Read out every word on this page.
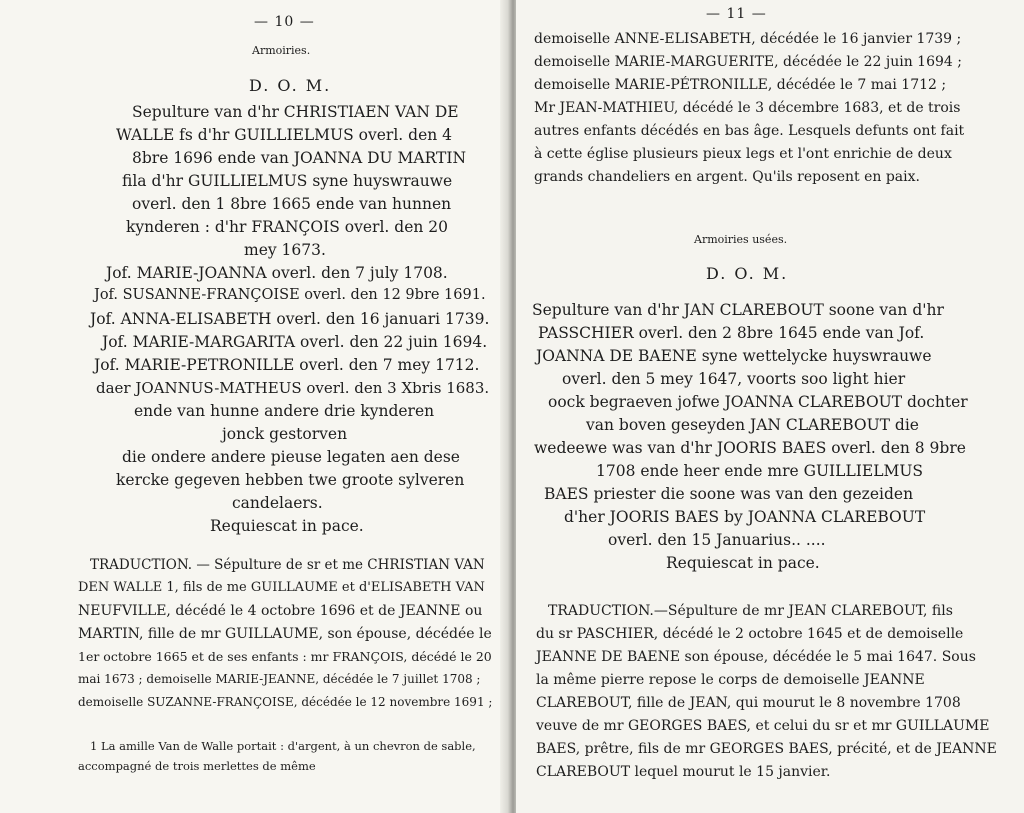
— 10 —
Armoiries.
D. O. M.
Sepulture van d'hr CHRISTIAEN VAN DE
WALLE fs d'hr GUILLIELMUS overl. den 4
8bre 1696 ende van JOANNA DU MARTIN
fila d'hr GUILLIELMUS syne huyswrauwe
overl. den 1 8bre 1665 ende van hunnen
kynderen : d'hr FRANÇOIS overl. den 20
mey 1673.
Jof. MARIE-JOANNA overl. den 7 july 1708.
Jof. SUSANNE-FRANÇOISE overl. den 12 9bre 1691.
Jof. ANNA-ELISABETH overl. den 16 januari 1739.
Jof. MARIE-MARGARITA overl. den 22 juin 1694.
Jof. MARIE-PETRONILLE overl. den 7 mey 1712.
daer JOANNUS-MATHEUS overl. den 3 Xbris 1683.
ende van hunne andere drie kynderen
jonck gestorven
die ondere andere pieuse legaten aen dese
kercke gegeven hebben twe groote sylveren
candelaers.
Requiescat in pace.
TRADUCTION. — Sépulture de sr et me CHRISTIAN VAN
DEN WALLE 1, fils de me GUILLAUME et d'ELISABETH VAN
NEUFVILLE, décédé le 4 octobre 1696 et de JEANNE ou
MARTIN, fille de mr GUILLAUME, son épouse, décédée le
1er octobre 1665 et de ses enfants : mr FRANÇOIS, décédé le 20
mai 1673 ; demoiselle MARIE-JEANNE, décédée le 7 juillet 1708 ;
demoiselle SUZANNE-FRANÇOISE, décédée le 12 novembre 1691 ;
1 La amille Van de Walle portait : d'argent, à un chevron de sable,
accompagné de trois merlettes de même
— 11 —
demoiselle ANNE-ELISABETH, décédée le 16 janvier 1739 ;
demoiselle MARIE-MARGUERITE, décédée le 22 juin 1694 ;
demoiselle MARIE-PÉTRONILLE, décédée le 7 mai 1712 ;
Mr JEAN-MATHIEU, décédé le 3 décembre 1683, et de trois
autres enfants décédés en bas âge. Lesquels defunts ont fait
à cette église plusieurs pieux legs et l'ont enrichie de deux
grands chandeliers en argent. Qu'ils reposent en paix.
Armoiries usées.
D. O. M.
Sepulture van d'hr JAN CLAREBOUT soone van d'hr
PASSCHIER overl. den 2 8bre 1645 ende van Jof.
JOANNA DE BAENE syne wettelycke huyswrauwe
overl. den 5 mey 1647, voorts soo light hier
oock begraeven jofwe JOANNA CLAREBOUT dochter
van boven geseyden JAN CLAREBOUT die
wedeewe was van d'hr JOORIS BAES overl. den 8 9bre
1708 ende heer ende mre GUILLIELMUS
BAES priester die soone was van den gezeiden
d'her JOORIS BAES by JOANNA CLAREBOUT
overl. den 15 Januarius.. ....
Requiescat in pace.
TRADUCTION.—Sépulture de mr JEAN CLAREBOUT, fils
du sr PASCHIER, décédé le 2 octobre 1645 et de demoiselle
JEANNE DE BAENE son épouse, décédée le 5 mai 1647. Sous
la même pierre repose le corps de demoiselle JEANNE
CLAREBOUT, fille de JEAN, qui mourut le 8 novembre 1708
veuve de mr GEORGES BAES, et celui du sr et mr GUILLAUME
BAES, prêtre, fils de mr GEORGES BAES, précité, et de JEANNE
CLAREBOUT lequel mourut le 15 janvier.
